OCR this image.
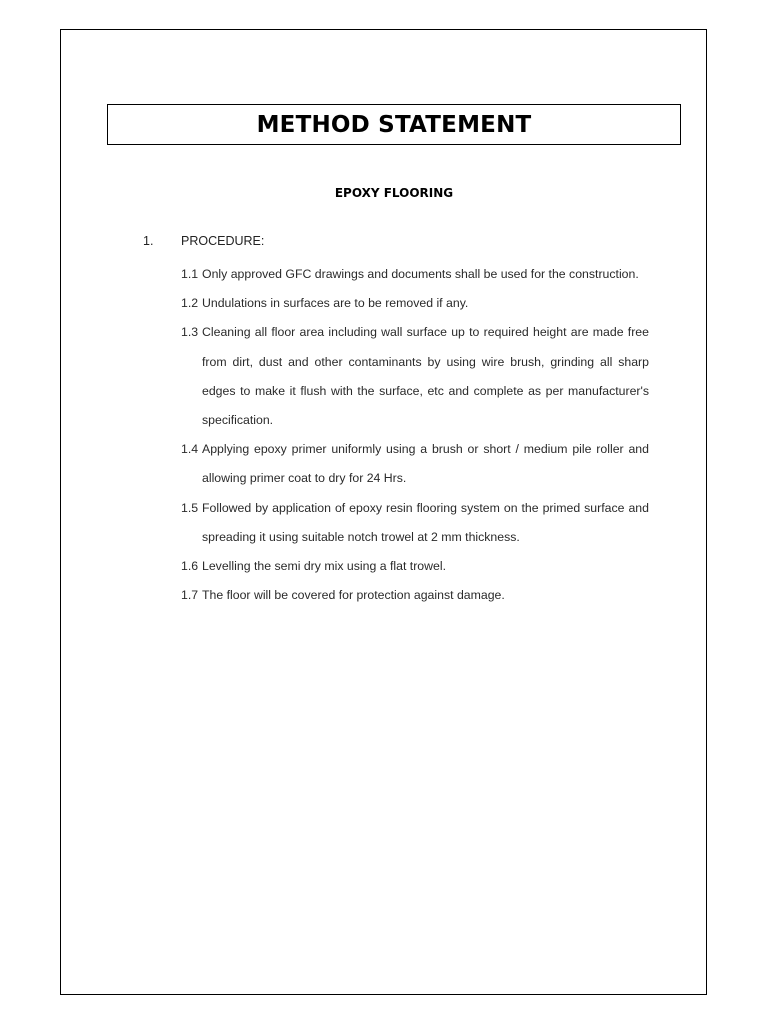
METHOD STATEMENT
EPOXY FLOORING
1. PROCEDURE:
1.1 Only approved GFC drawings and documents shall be used for the construction.
1.2 Undulations in surfaces are to be removed if any.
1.3 Cleaning all floor area including wall surface up to required height are made free from dirt, dust and other contaminants by using wire brush, grinding all sharp edges to make it flush with the surface, etc and complete as per manufacturer's specification.
1.4 Applying epoxy primer uniformly using a brush or short / medium pile roller and allowing primer coat to dry for 24 Hrs.
1.5 Followed by application of epoxy resin flooring system on the primed surface and spreading it using suitable notch trowel at 2 mm thickness.
1.6 Levelling the semi dry mix using a flat trowel.
1.7 The floor will be covered for protection against damage.
